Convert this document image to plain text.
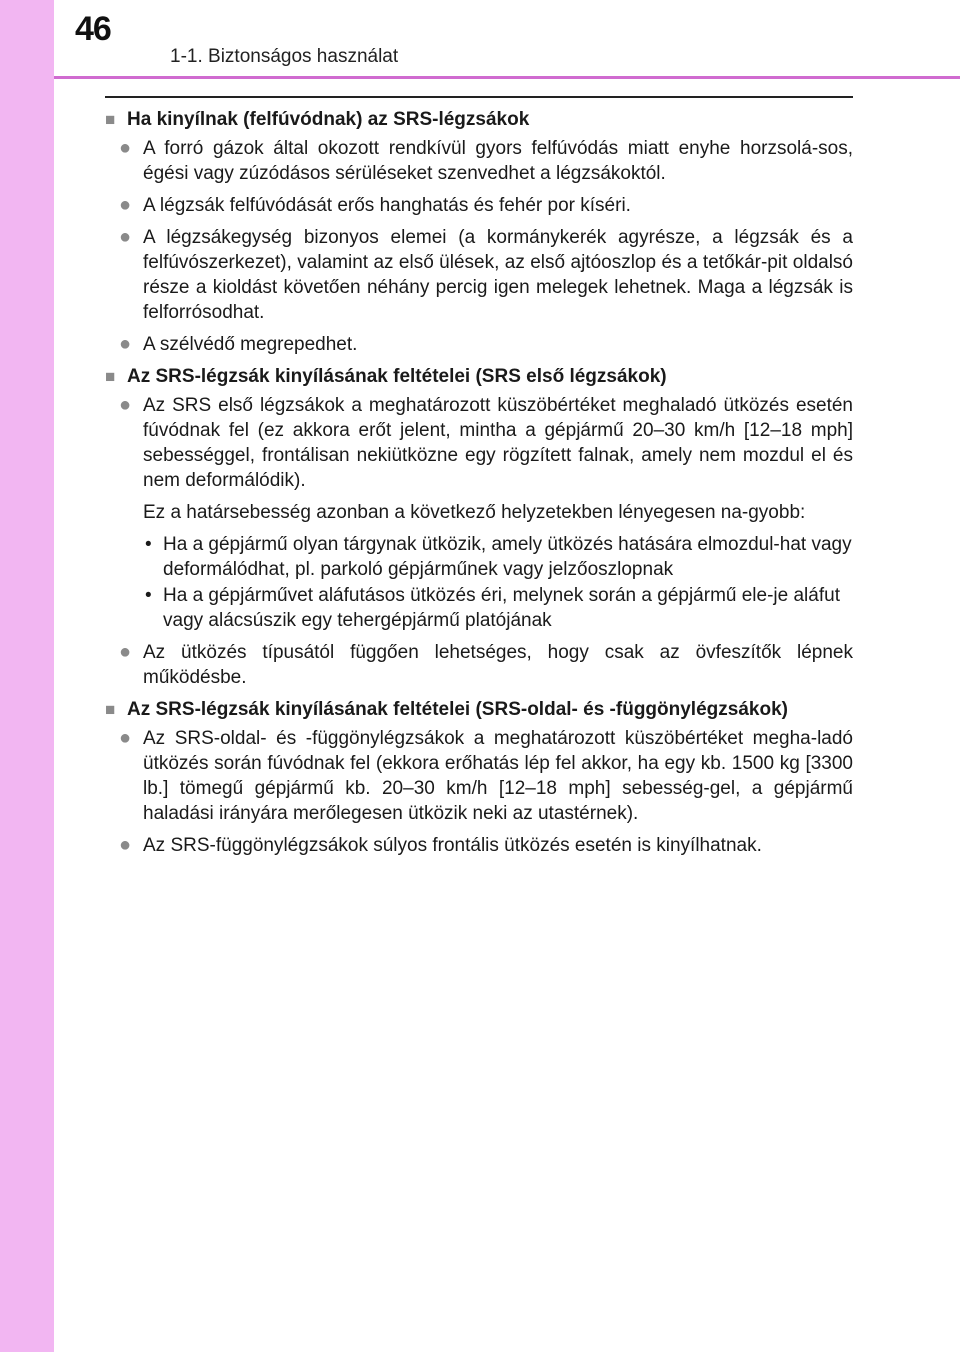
46
1-1. Biztonságos használat
■ Ha kinyílnak (felfúvódnak) az SRS-légzsákok
● A forró gázok által okozott rendkívül gyors felfúvódás miatt enyhe horzsolá-sos, égési vagy zúzódásos sérüléseket szenvedhet a légzsákoktól.
● A légzsák felfúvódását erős hanghatás és fehér por kíséri.
● A légzsákegység bizonyos elemei (a kormánykerék agyrésze, a légzsák és a felfúvószerkezet), valamint az első ülések, az első ajtóoszlop és a tetőkár-pit oldalsó része a kioldást követően néhány percig igen melegek lehetnek. Maga a légzsák is felforrósodhat.
● A szélvédő megrepedhet.
■ Az SRS-légzsák kinyílásának feltételei (SRS első légzsákok)
● Az SRS első légzsákok a meghatározott küszöbértéket meghaladó ütközés esetén fúvódnak fel (ez akkora erőt jelent, mintha a gépjármű 20–30 km/h [12–18 mph] sebességgel, frontálisan nekiütközne egy rögzített falnak, amely nem mozdul el és nem deformálódik).
Ez a határsebesség azonban a következő helyzetekben lényegesen na-gyobb:
• Ha a gépjármű olyan tárgynak ütközik, amely ütközés hatására elmozdul-hat vagy deformálódhat, pl. parkoló gépjárműnek vagy jelzőoszlopnak
• Ha a gépjárművet aláfutásos ütközés éri, melynek során a gépjármű ele-je aláfut vagy alácsúszik egy tehergépjármű platójának
● Az ütközés típusától függően lehetséges, hogy csak az övfeszítők lépnek működésbe.
■ Az SRS-légzsák kinyílásának feltételei (SRS-oldal- és -függönylégzsákok)
● Az SRS-oldal- és -függönylégzsákok a meghatározott küszöbértéket megha-ladó ütközés során fúvódnak fel (ekkora erőhatás lép fel akkor, ha egy kb. 1500 kg [3300 lb.] tömegű gépjármű kb. 20–30 km/h [12–18 mph] sebesség-gel, a gépjármű haladási irányára merőlegesen ütközik neki az utastérnek).
● Az SRS-függönylégzsákok súlyos frontális ütközés esetén is kinyílhatnak.
